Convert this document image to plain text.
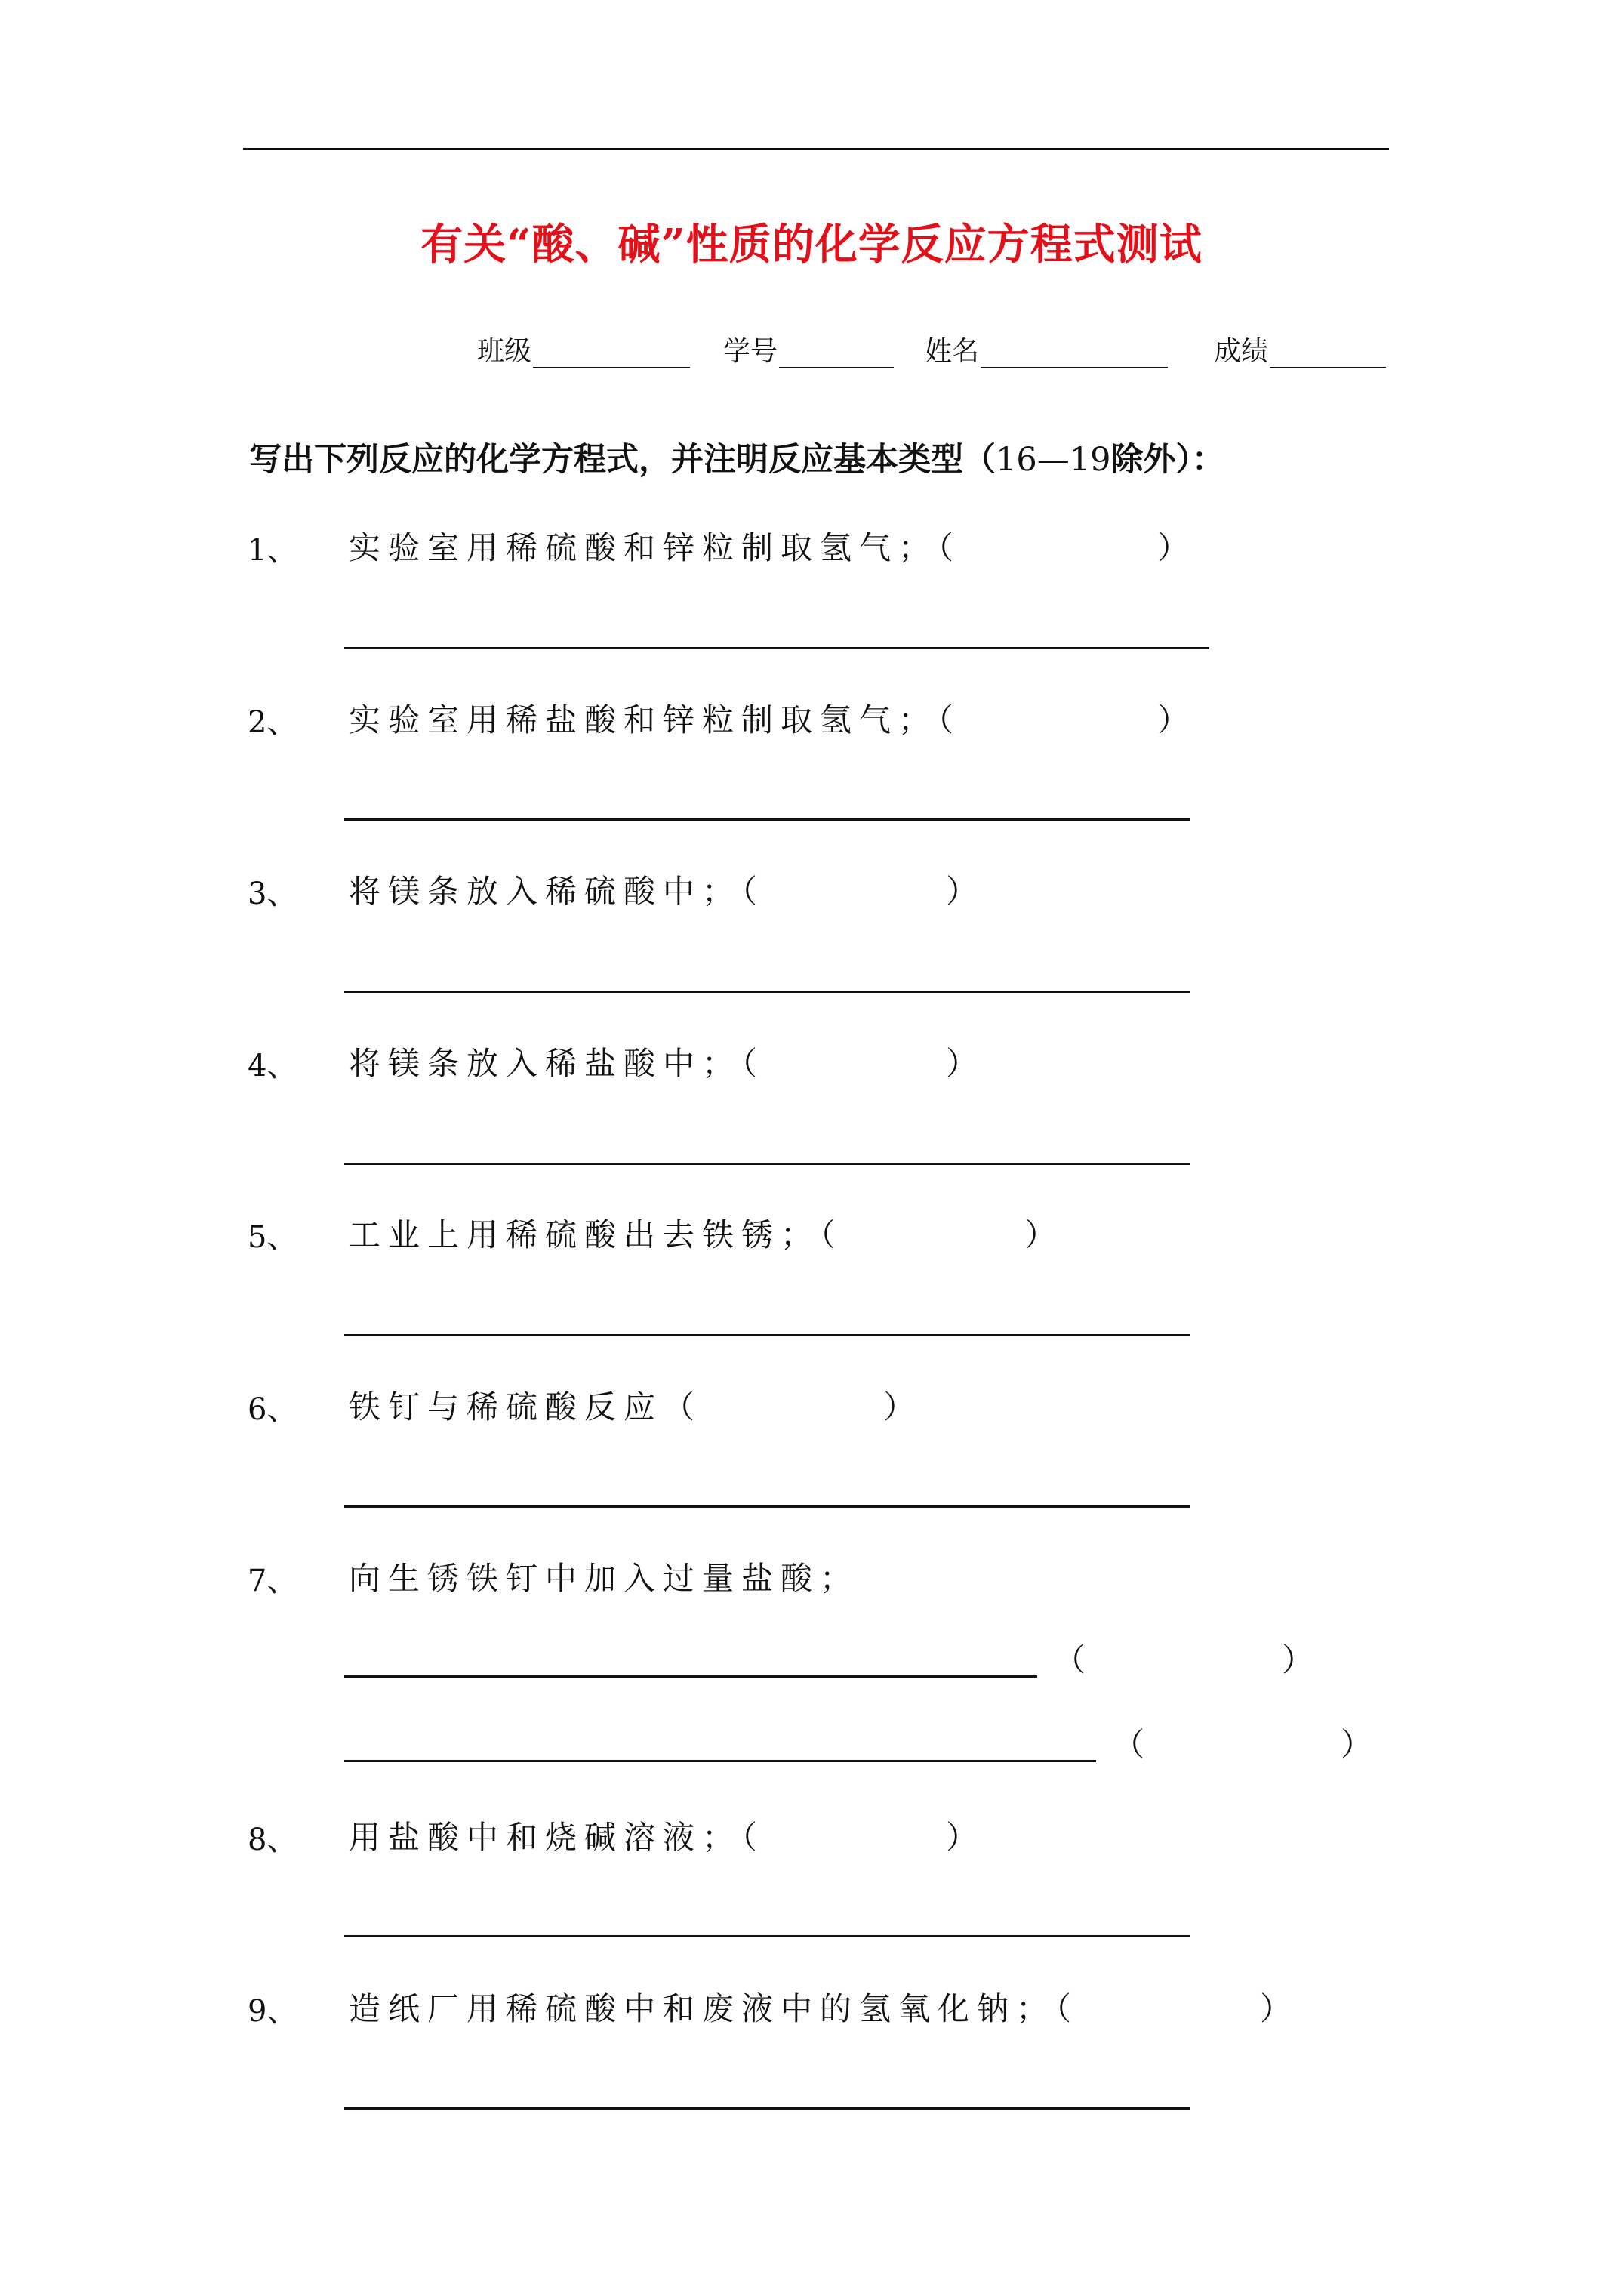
有关“酸、碱”性质的化学反应方程式测试
班级	学号	姓名	成绩
写出下列反应的化学方程式，并注明反应基本类型（16—19除外）：
1、 实验室用稀硫酸和锌粒制取氢气；（	）
2、 实验室用稀盐酸和锌粒制取氢气；（	）
3、 将镁条放入稀硫酸中；（	）
4、 将镁条放入稀盐酸中；（	）
5、 工业上用稀硫酸出去铁锈；（	）
6、 铁钉与稀硫酸反应（	）
7、 向生锈铁钉中加入过量盐酸；
（	）
（	）
8、 用盐酸中和烧碱溶液；（	）
9、 造纸厂用稀硫酸中和废液中的氢氧化钠；（	）
